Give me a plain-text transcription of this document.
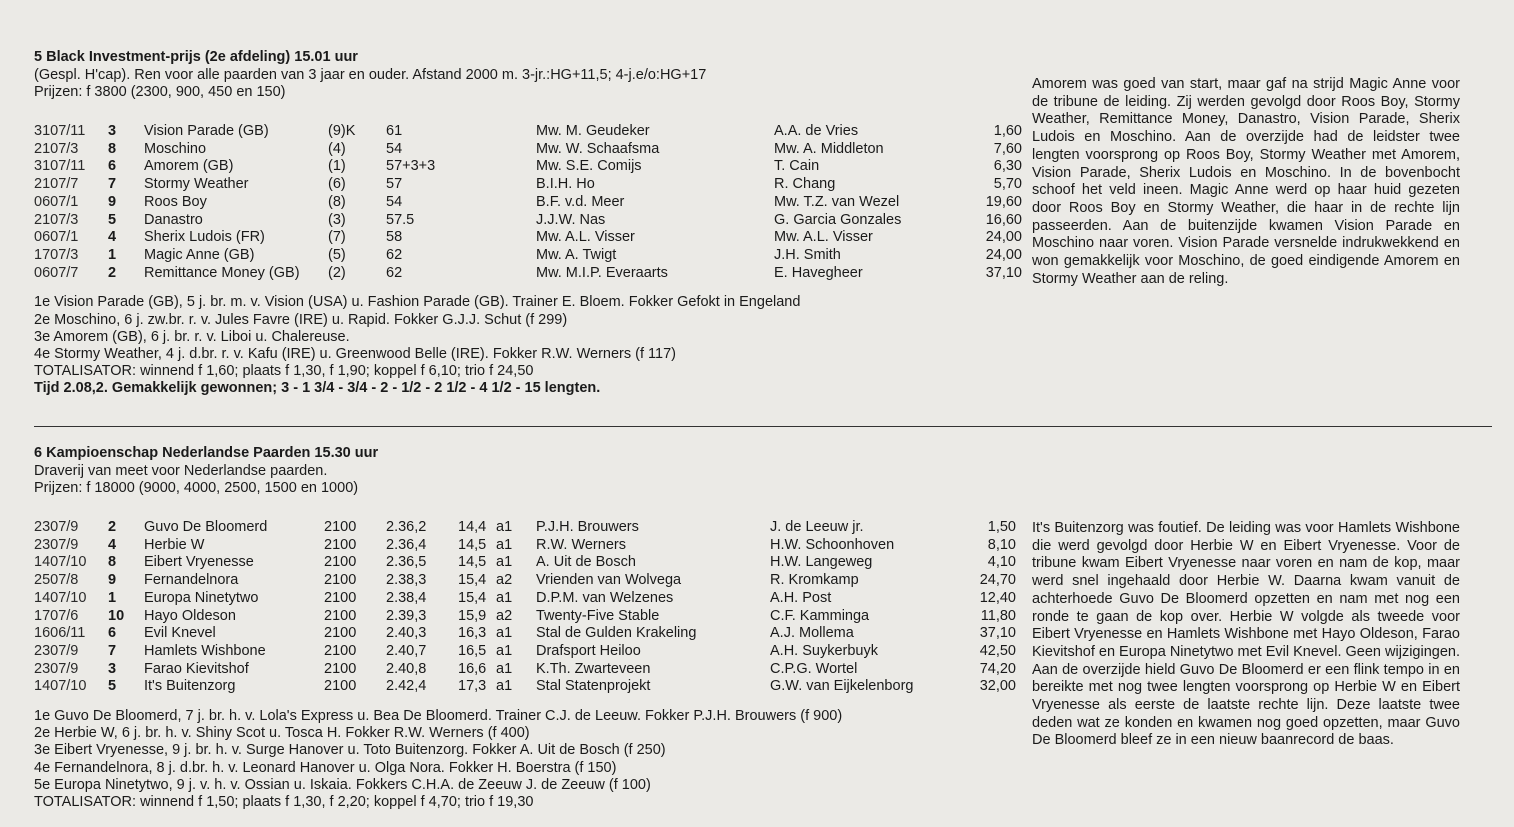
5 Black Investment-prijs (2e afdeling) 15.01 uur
(Gespl. H'cap). Ren voor alle paarden van 3 jaar en ouder. Afstand 2000 m. 3-jr.:HG+11,5; 4-j.e/o:HG+17
Prijzen: f 3800 (2300, 900, 450 en 150)
3107/11	3	Vision Parade (GB)	(9)K	61	Mw. M. Geudeker	A.A. de Vries	1,60
2107/3	8	Moschino	(4)	54	Mw. W. Schaafsma	Mw. A. Middleton	7,60
3107/11	6	Amorem (GB)	(1)	57+3+3	Mw. S.E. Comijs	T. Cain	6,30
2107/7	7	Stormy Weather	(6)	57	B.I.H. Ho	R. Chang	5,70
0607/1	9	Roos Boy	(8)	54	B.F. v.d. Meer	Mw. T.Z. van Wezel	19,60
2107/3	5	Danastro	(3)	57.5	J.J.W. Nas	G. Garcia Gonzales	16,60
0607/1	4	Sherix Ludois (FR)	(7)	58	Mw. A.L. Visser	Mw. A.L. Visser	24,00
1707/3	1	Magic Anne (GB)	(5)	62	Mw. A. Twigt	J.H. Smith	24,00
0607/7	2	Remittance Money (GB)	(2)	62	Mw. M.I.P. Everaarts	E. Havegheer	37,10
1e Vision Parade (GB), 5 j. br. m. v. Vision (USA) u. Fashion Parade (GB). Trainer E. Bloem. Fokker Gefokt in Engeland
2e Moschino, 6 j. zw.br. r. v. Jules Favre (IRE) u. Rapid. Fokker G.J.J. Schut (f 299)
3e Amorem (GB), 6 j. br. r. v. Liboi u. Chalereuse.
4e Stormy Weather, 4 j. d.br. r. v. Kafu (IRE) u. Greenwood Belle (IRE). Fokker R.W. Werners (f 117)
TOTALISATOR: winnend f 1,60; plaats f 1,30, f 1,90; koppel f 6,10; trio f 24,50
Tijd 2.08,2. Gemakkelijk gewonnen; 3 - 1 3/4 - 3/4 - 2 - 1/2 - 2 1/2 - 4 1/2 - 15 lengten.
Amorem was goed van start, maar gaf na strijd Magic Anne voor de tribune de leiding. Zij werden gevolgd door Roos Boy, Stormy Weather, Remittance Money, Danastro, Vision Parade, Sherix Ludois en Moschino. Aan de overzijde had de leidster twee lengten voorsprong op Roos Boy, Stormy Weather met Amorem, Vision Parade, Sherix Ludois en Moschino. In de bovenbocht schoof het veld ineen. Magic Anne werd op haar huid gezeten door Roos Boy en Stormy Weather, die haar in de rechte lijn passeerden. Aan de buitenzijde kwamen Vision Parade en Moschino naar voren. Vision Parade versnelde indrukwekkend en won gemakkelijk voor Moschino, de goed eindigende Amorem en Stormy Weather aan de reling.
6 Kampioenschap Nederlandse Paarden 15.30 uur
Draverij van meet voor Nederlandse paarden.
Prijzen: f 18000 (9000, 4000, 2500, 1500 en 1000)
2307/9	2	Guvo De Bloomerd	2100	2.36,2	14,4	a1	P.J.H. Brouwers	J. de Leeuw jr.	1,50
2307/9	4	Herbie W	2100	2.36,4	14,5	a1	R.W. Werners	H.W. Schoonhoven	8,10
1407/10	8	Eibert Vryenesse	2100	2.36,5	14,5	a1	A. Uit de Bosch	H.W. Langeweg	4,10
2507/8	9	Fernandelnora	2100	2.38,3	15,4	a2	Vrienden van Wolvega	R. Kromkamp	24,70
1407/10	1	Europa Ninetytwo	2100	2.38,4	15,4	a1	D.P.M. van Welzenes	A.H. Post	12,40
1707/6	10	Hayo Oldeson	2100	2.39,3	15,9	a2	Twenty-Five Stable	C.F. Kamminga	11,80
1606/11	6	Evil Knevel	2100	2.40,3	16,3	a1	Stal de Gulden Krakeling	A.J. Mollema	37,10
2307/9	7	Hamlets Wishbone	2100	2.40,7	16,5	a1	Drafsport Heiloo	A.H. Suykerbuyk	42,50
2307/9	3	Farao Kievitshof	2100	2.40,8	16,6	a1	K.Th. Zwarteveen	C.P.G. Wortel	74,20
1407/10	5	It's Buitenzorg	2100	2.42,4	17,3	a1	Stal Statenprojekt	G.W. van Eijkelenborg	32,00
1e Guvo De Bloomerd, 7 j. br. h. v. Lola's Express u. Bea De Bloomerd. Trainer C.J. de Leeuw. Fokker P.J.H. Brouwers (f 900)
2e Herbie W, 6 j. br. h. v. Shiny Scot u. Tosca H. Fokker R.W. Werners (f 400)
3e Eibert Vryenesse, 9 j. br. h. v. Surge Hanover u. Toto Buitenzorg. Fokker A. Uit de Bosch (f 250)
4e Fernandelnora, 8 j. d.br. h. v. Leonard Hanover u. Olga Nora. Fokker H. Boerstra (f 150)
5e Europa Ninetytwo, 9 j. v. h. v. Ossian u. Iskaia. Fokkers C.H.A. de Zeeuw J. de Zeeuw (f 100)
TOTALISATOR: winnend f 1,50; plaats f 1,30, f 2,20; koppel f 4,70; trio f 19,30
It's Buitenzorg was foutief. De leiding was voor Hamlets Wishbone die werd gevolgd door Herbie W en Eibert Vryenesse. Voor de tribune kwam Eibert Vryenesse naar voren en nam de kop, maar werd snel ingehaald door Herbie W. Daarna kwam vanuit de achterhoede Guvo De Bloomerd opzetten en nam met nog een ronde te gaan de kop over. Herbie W volgde als tweede voor Eibert Vryenesse en Hamlets Wishbone met Hayo Oldeson, Farao Kievitshof en Europa Ninetytwo met Evil Knevel. Geen wijzigingen. Aan de overzijde hield Guvo De Bloomerd er een flink tempo in en bereikte met nog twee lengten voorsprong op Herbie W en Eibert Vryenesse als eerste de laatste rechte lijn. Deze laatste twee deden wat ze konden en kwamen nog goed opzetten, maar Guvo De Bloomerd bleef ze in een nieuw baanrecord de baas.
